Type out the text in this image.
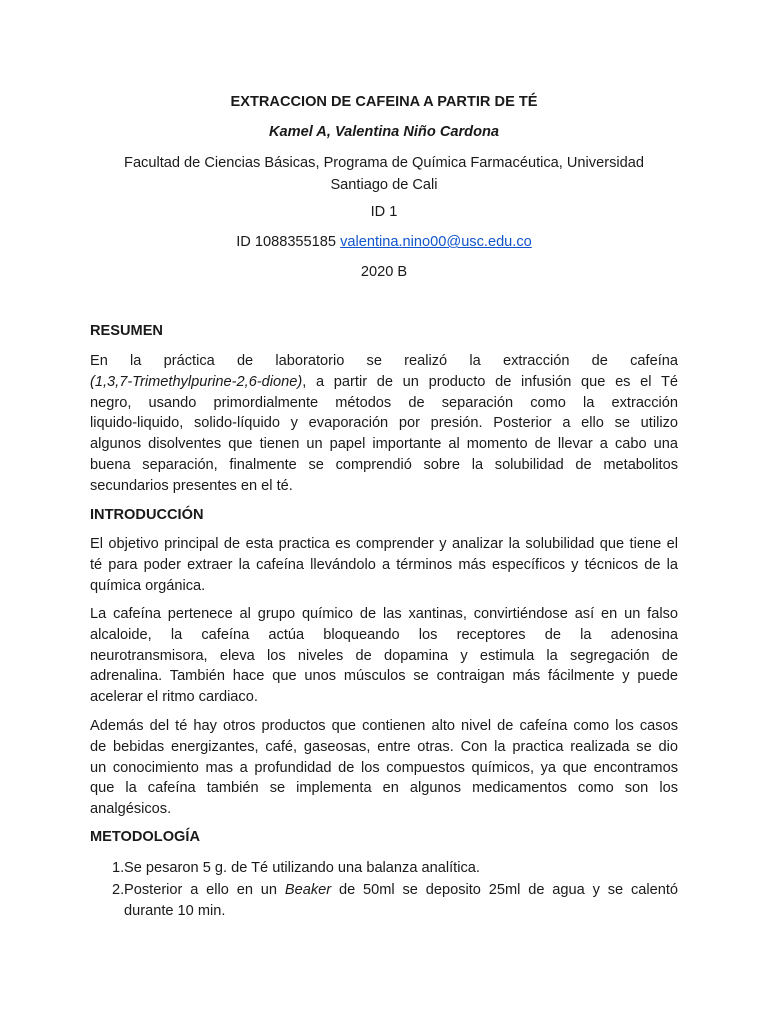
EXTRACCION DE CAFEINA A PARTIR DE TÉ
Kamel A, Valentina Niño Cardona
Facultad de Ciencias Básicas, Programa de Química Farmacéutica, Universidad
Santiago de Cali
ID 1
ID 1088355185 valentina.nino00@usc.edu.co
2020 B
RESUMEN
En la práctica de laboratorio se realizó la extracción de cafeína
(1,3,7-Trimethylpurine-2,6-dione), a partir de un producto de infusión que es el Té
negro, usando primordialmente métodos de separación como la extracción
liquido-liquido, solido-líquido y evaporación por presión. Posterior a ello se utilizo
algunos disolventes que tienen un papel importante al momento de llevar a cabo una
buena separación, finalmente se comprendió sobre la solubilidad de metabolitos
secundarios presentes en el té.
INTRODUCCIÓN
El objetivo principal de esta practica es comprender y analizar la solubilidad que tiene el
té para poder extraer la cafeína llevándolo a términos más específicos y técnicos de la
química orgánica.
La cafeína pertenece al grupo químico de las xantinas, convirtiéndose así en un falso
alcaloide, la cafeína actúa bloqueando los receptores de la adenosina
neurotransmisora, eleva los niveles de dopamina y estimula la segregación de
adrenalina. También hace que unos músculos se contraigan más fácilmente y puede
acelerar el ritmo cardiaco.
Además del té hay otros productos que contienen alto nivel de cafeína como los casos
de bebidas energizantes, café, gaseosas, entre otras. Con la practica realizada se dio
un conocimiento mas a profundidad de los compuestos químicos, ya que encontramos
que la cafeína también se implementa en algunos medicamentos como son los
analgésicos.
METODOLOGÍA
1. Se pesaron 5 g. de Té utilizando una balanza analítica.
2. Posterior a ello en un Beaker de 50ml se deposito 25ml de agua y se calentó
durante 10 min.
